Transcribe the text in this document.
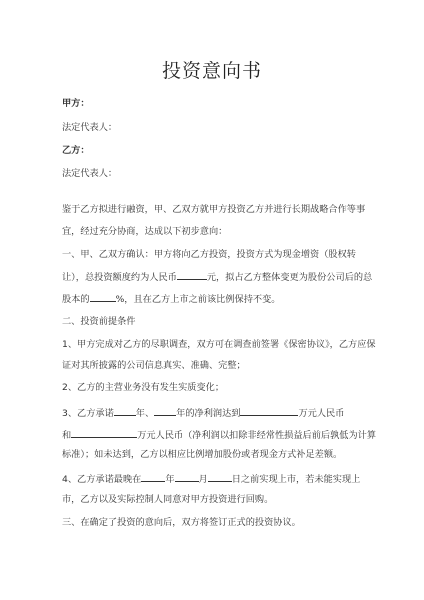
投资意向书
甲方：
法定代表人：
乙方：
法定代表人：
鉴于乙方拟进行融资，甲、乙双方就甲方投资乙方并进行长期战略合作等事
宜，经过充分协商，达成以下初步意向：
一、甲、乙双方确认：甲方将向乙方投资，投资方式为现金增资（股权转
让），总投资额度约为人民币	元，拟占乙方整体变更为股份公司后的总
股本的	%，且在乙方上市之前该比例保持不变。
二、投资前提条件
1、甲方完成对乙方的尽职调查，双方可在调查前签署《保密协议》，乙方应保
证对其所披露的公司信息真实、准确、完整；
2、乙方的主营业务没有发生实质变化；
3、乙方承诺 年、 年的净利润达到	万元人民币
和	万元人民币（净利润以扣除非经常性损益后前后孰低为计算
标准）；如未达到，乙方以相应比例增加股份或者现金方式补足差额。
4、乙方承诺最晚在	年	月	日之前实现上市，若未能实现上
市，乙方以及实际控制人同意对甲方投资进行回购。
三、在确定了投资的意向后，双方将签订正式的投资协议。
